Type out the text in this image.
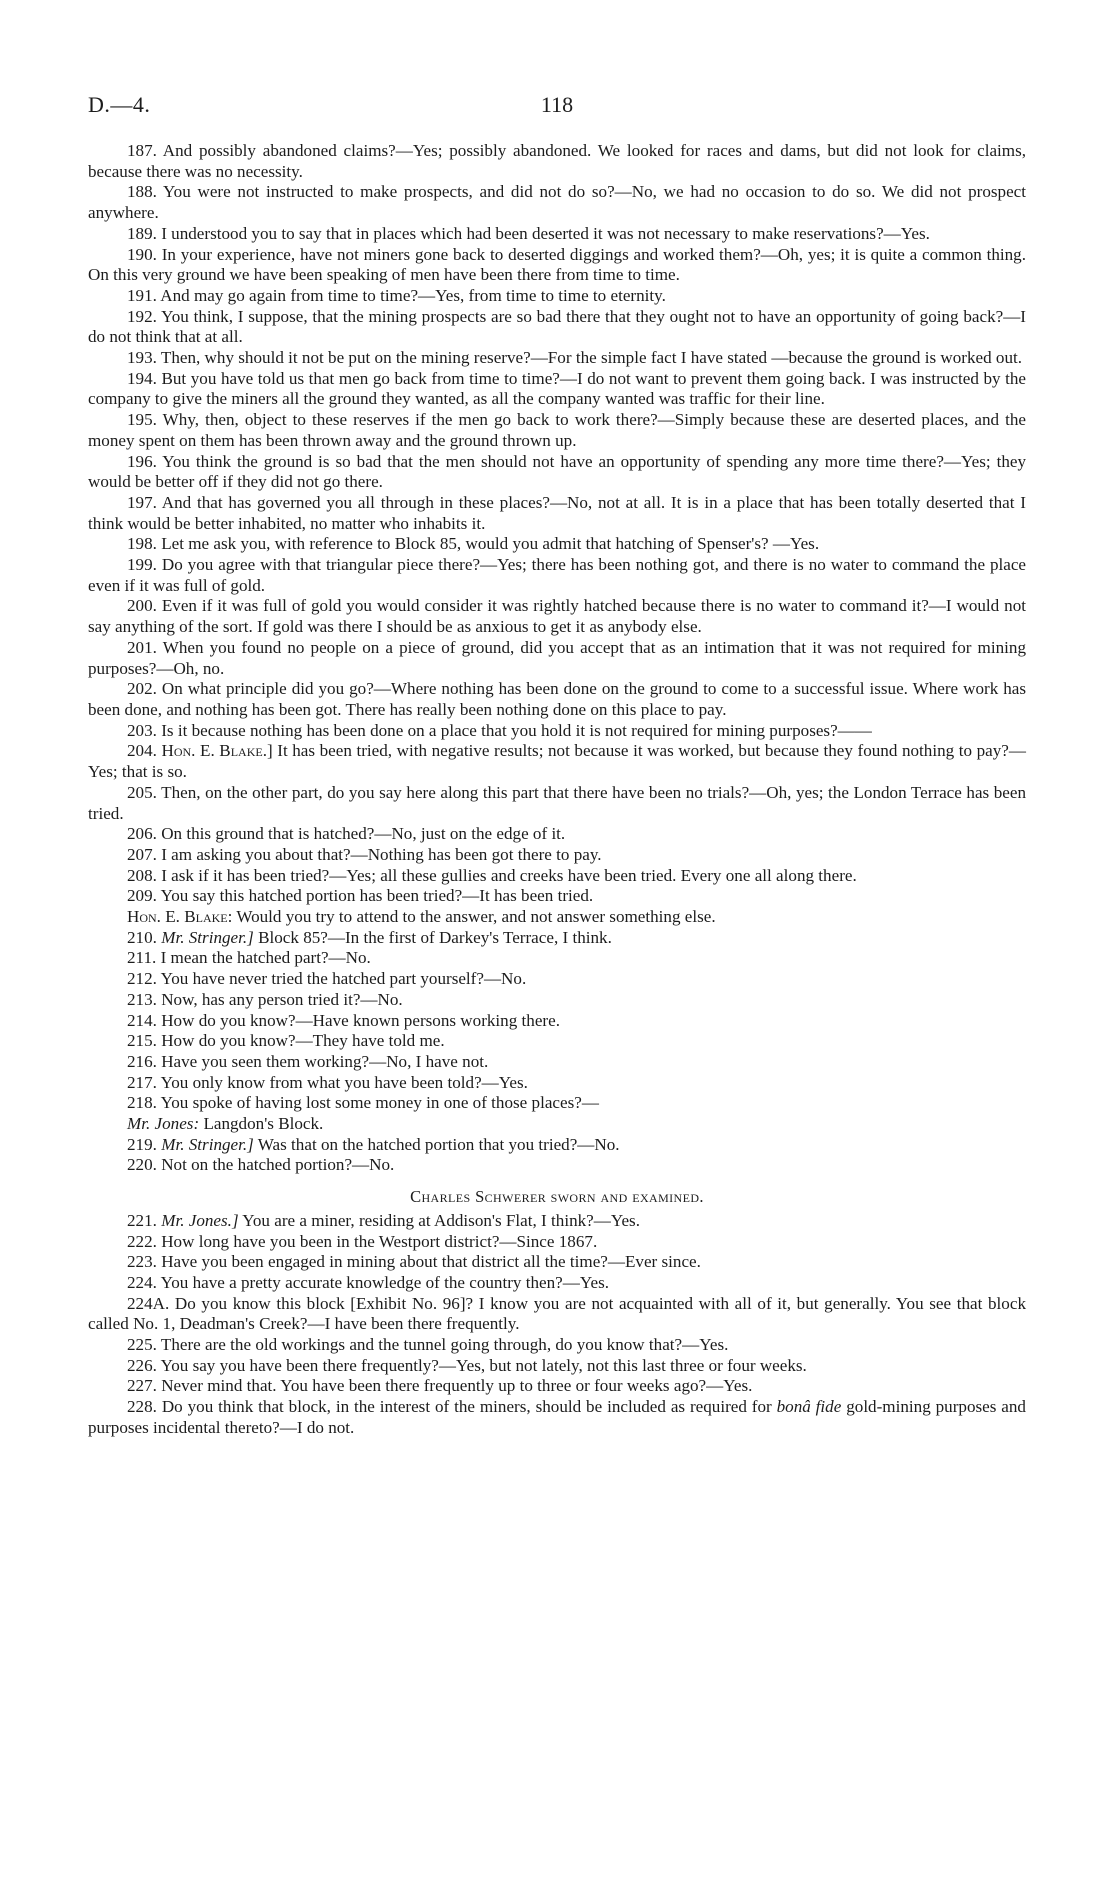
D.—4.	118

187. And possibly abandoned claims?—Yes; possibly abandoned. We looked for races and dams, but did not look for claims, because there was no necessity.

188. You were not instructed to make prospects, and did not do so?—No, we had no occasion to do so. We did not prospect anywhere.

189. I understood you to say that in places which had been deserted it was not necessary to make reservations?—Yes.

190. In your experience, have not miners gone back to deserted diggings and worked them?—Oh, yes; it is quite a common thing. On this very ground we have been speaking of men have been there from time to time.

191. And may go again from time to time?—Yes, from time to time to eternity.

192. You think, I suppose, that the mining prospects are so bad there that they ought not to have an opportunity of going back?—I do not think that at all.

193. Then, why should it not be put on the mining reserve?—For the simple fact I have stated —because the ground is worked out.

194. But you have told us that men go back from time to time?—I do not want to prevent them going back. I was instructed by the company to give the miners all the ground they wanted, as all the company wanted was traffic for their line.

195. Why, then, object to these reserves if the men go back to work there?—Simply because these are deserted places, and the money spent on them has been thrown away and the ground thrown up.

196. You think the ground is so bad that the men should not have an opportunity of spending any more time there?—Yes; they would be better off if they did not go there.

197. And that has governed you all through in these places?—No, not at all. It is in a place that has been totally deserted that I think would be better inhabited, no matter who inhabits it.

198. Let me ask you, with reference to Block 85, would you admit that hatching of Spenser's? —Yes.

199. Do you agree with that triangular piece there?—Yes; there has been nothing got, and there is no water to command the place even if it was full of gold.

200. Even if it was full of gold you would consider it was rightly hatched because there is no water to command it?—I would not say anything of the sort. If gold was there I should be as anxious to get it as anybody else.

201. When you found no people on a piece of ground, did you accept that as an intimation that it was not required for mining purposes?—Oh, no.

202. On what principle did you go?—Where nothing has been done on the ground to come to a successful issue. Where work has been done, and nothing has been got. There has really been nothing done on this place to pay.

203. Is it because nothing has been done on a place that you hold it is not required for mining purposes?——

204. Hon. E. Blake.] It has been tried, with negative results; not because it was worked, but because they found nothing to pay?—Yes; that is so.

205. Then, on the other part, do you say here along this part that there have been no trials?—Oh, yes; the London Terrace has been tried.

206. On this ground that is hatched?—No, just on the edge of it.

207. I am asking you about that?—Nothing has been got there to pay.

208. I ask if it has been tried?—Yes; all these gullies and creeks have been tried. Every one all along there.

209. You say this hatched portion has been tried?—It has been tried.

Hon. E. Blake: Would you try to attend to the answer, and not answer something else.

210. Mr. Stringer.] Block 85?—In the first of Darkey's Terrace, I think.

211. I mean the hatched part?—No.

212. You have never tried the hatched part yourself?—No.

213. Now, has any person tried it?—No.

214. How do you know?—Have known persons working there.

215. How do you know?—They have told me.

216. Have you seen them working?—No, I have not.

217. You only know from what you have been told?—Yes.

218. You spoke of having lost some money in one of those places?—

Mr. Jones: Langdon's Block.

219. Mr. Stringer.] Was that on the hatched portion that you tried?—No.

220. Not on the hatched portion?—No.

Charles Schwerer sworn and examined.

221. Mr. Jones.] You are a miner, residing at Addison's Flat, I think?—Yes.

222. How long have you been in the Westport district?—Since 1867.

223. Have you been engaged in mining about that district all the time?—Ever since.

224. You have a pretty accurate knowledge of the country then?—Yes.

224A. Do you know this block [Exhibit No. 96]? I know you are not acquainted with all of it, but generally. You see that block called No. 1, Deadman's Creek?—I have been there frequently.

225. There are the old workings and the tunnel going through, do you know that?—Yes.

226. You say you have been there frequently?—Yes, but not lately, not this last three or four weeks.

227. Never mind that. You have been there frequently up to three or four weeks ago?—Yes.

228. Do you think that block, in the interest of the miners, should be included as required for bonâ fide gold-mining purposes and purposes incidental thereto?—I do not.
